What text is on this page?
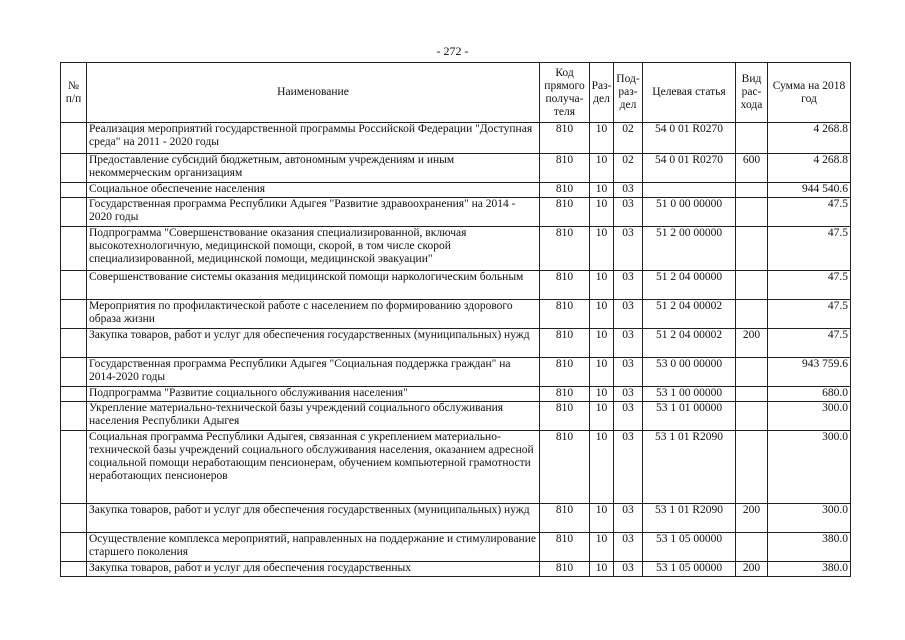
- 272 -
№ п/п	Наименование	Код прямого получа-теля	Раз-дел	Под-раз-дел	Целевая статья	Вид рас-хода	Сумма на 2018 год
	Реализация мероприятий государственной программы Российской Федерации "Доступная среда" на 2011 - 2020 годы	810	10	02	54 0 01 R0270		4 268.8
	Предоставление субсидий бюджетным, автономным учреждениям и иным некоммерческим организациям	810	10	02	54 0 01 R0270	600	4 268.8
	Социальное обеспечение населения	810	10	03			944 540.6
	Государственная программа Республики Адыгея "Развитие здравоохранения" на 2014 - 2020 годы	810	10	03	51 0 00 00000		47.5
	Подпрограмма "Совершенствование оказания специализированной, включая высокотехнологичную, медицинской помощи, скорой, в том числе скорой специализированной, медицинской помощи, медицинской эвакуации"	810	10	03	51 2 00 00000		47.5
	Совершенствование системы оказания медицинской помощи наркологическим больным	810	10	03	51 2 04 00000		47.5
	Мероприятия по профилактической работе с населением по формированию здорового образа жизни	810	10	03	51 2 04 00002		47.5
	Закупка товаров, работ и услуг для обеспечения государственных (муниципальных) нужд	810	10	03	51 2 04 00002	200	47.5
	Государственная программа Республики Адыгея "Социальная поддержка граждан" на 2014-2020 годы	810	10	03	53 0 00 00000		943 759.6
	Подпрограмма "Развитие социального обслуживания населения"	810	10	03	53 1 00 00000		680.0
	Укрепление материально-технической базы учреждений социального обслуживания населения Республики Адыгея	810	10	03	53 1 01 00000		300.0
	Социальная программа Республики Адыгея, связанная с укреплением материально-технической базы учреждений социального обслуживания населения, оказанием адресной социальной помощи неработающим пенсионерам, обучением компьютерной грамотности неработающих пенсионеров	810	10	03	53 1 01 R2090		300.0
	Закупка товаров, работ и услуг для обеспечения государственных (муниципальных) нужд	810	10	03	53 1 01 R2090	200	300.0
	Осуществление комплекса мероприятий, направленных на поддержание и стимулирование старшего поколения	810	10	03	53 1 05 00000		380.0
	Закупка товаров, работ и услуг для обеспечения государственных	810	10	03	53 1 05 00000	200	380.0
